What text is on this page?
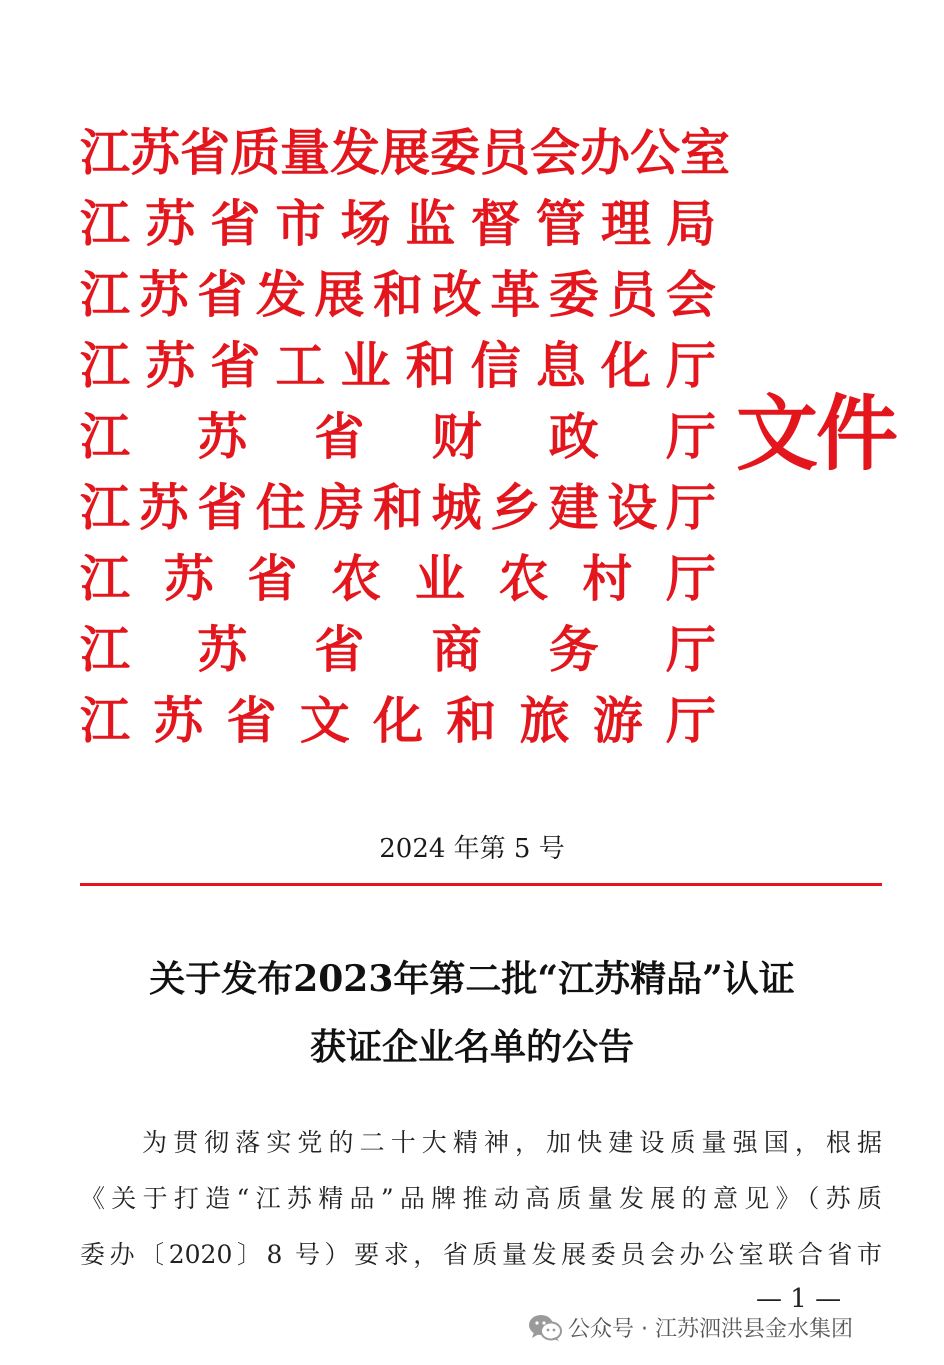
江苏省质量发展委员会办公室
江苏省市场监督管理局
江苏省发展和改革委员会
江苏省工业和信息化厅
江苏省财政厅
江苏省住房和城乡建设厅
江苏省农业农村厅
江苏省商务厅
江苏省文化和旅游厅
文件
2024 年第 5 号
关于发布2023年第二批“江苏精品”认证
获证企业名单的公告
为贯彻落实党的二十大精神，加快建设质量强国，根据
《关于打造“江苏精品”品牌推动高质量发展的意见》（苏质
委办〔2020〕8 号）要求，省质量发展委员会办公室联合省市
— 1 —
公众号 · 江苏泗洪县金水集团
